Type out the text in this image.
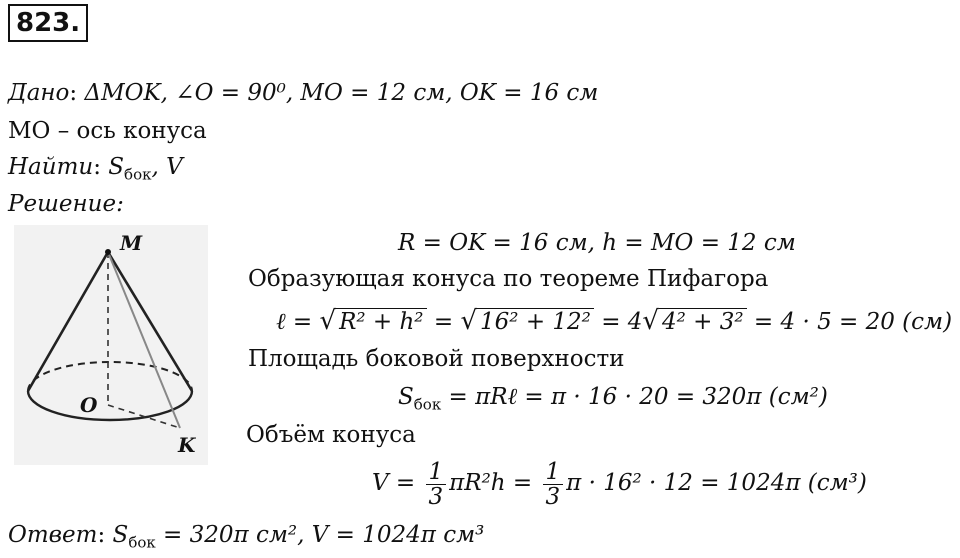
823.
Дано: ΔMOK, ∠O = 90⁰, MO = 12 см, OK = 16 см
MO – ось конуса
Найти: $S_{бок}$, V
Решение:
M
O
K
R = OK = 16 см, h = MO = 12 см
Образующая конуса по теореме Пифагора
ℓ = √ R² + h² = √ 16² + 12² = 4√ 4² + 3² = 4 · 5 = 20 (см)
Площадь боковой поверхности
$S_{бок}$ = πRℓ = π · 16 · 20 = 320π (см²)
Объём конуса
$V = \frac{1}{3} \pi R^2h = \frac{1}{3}$ π · 16² · 12 = 1024π (см³)
Ответ: $S_{бок} = 320\pi$ см², V = 1024π см³
